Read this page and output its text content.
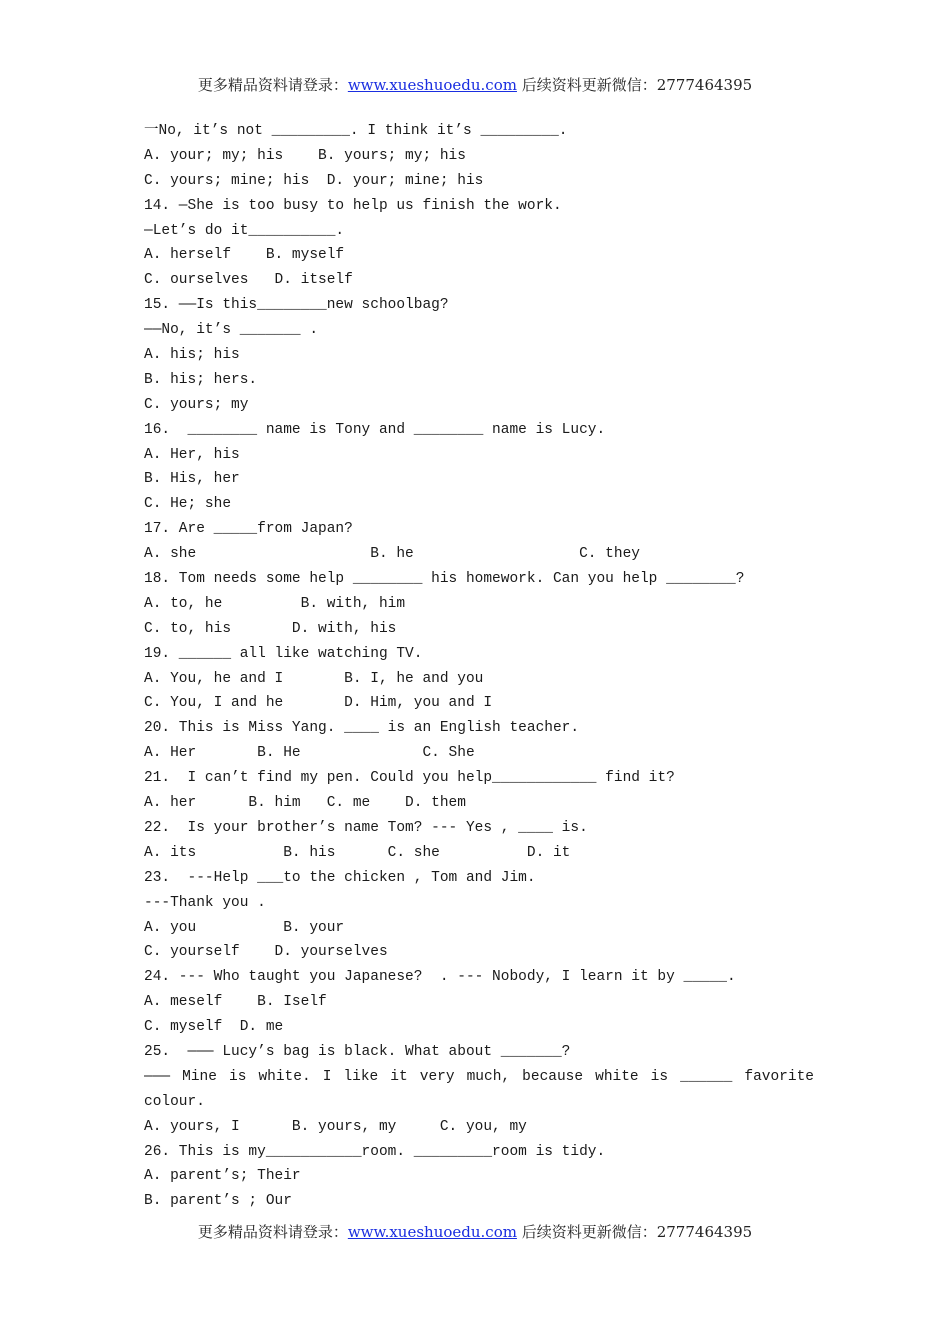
更多精品资料请登录：www.xueshuoedu.com 后续资料更新微信：2777464395
一No, it’s not _________. I think it’s _________.
A. your; my; his    B. yours; my; his
C. yours; mine; his  D. your; mine; his
14. —She is too busy to help us finish the work.
—Let’s do it__________.
A. herself    B. myself
C. ourselves   D. itself
15. ——Is this________new schoolbag?
——No, it’s _______ .
A. his; his
B. his; hers.
C. yours; my
16.  ________ name is Tony and ________ name is Lucy.
A. Her, his
B. His, her
C. He; she
17. Are _____from Japan?
A. she                    B. he                   C. they
18. Tom needs some help ________ his homework. Can you help ________?
A. to, he         B. with, him
C. to, his       D. with, his
19. ______ all like watching TV.
A. You, he and I       B. I, he and you
C. You, I and he       D. Him, you and I
20. This is Miss Yang. ____ is an English teacher.
A. Her       B. He              C. She
21.  I can’t find my pen. Could you help____________ find it?
A. her      B. him   C. me    D. them
22.  Is your brother’s name Tom? --- Yes , ____ is.
A. its          B. his      C. she          D. it
23.  ---Help ___to the chicken , Tom and Jim.
---Thank you .
A. you          B. your
C. yourself    D. yourselves
24. --- Who taught you Japanese?  . --- Nobody, I learn it by _____.
A. meself    B. Iself
C. myself  D. me
25.  ——— Lucy’s bag is black. What about _______?
——— Mine is white. I like it very much, because white is ______ favorite
colour.
A. yours, I      B. yours, my     C. you, my
26. This is my___________room. _________room is tidy.
A. parent’s; Their
B. parent’s ; Our
更多精品资料请登录：www.xueshuoedu.com 后续资料更新微信：2777464395
